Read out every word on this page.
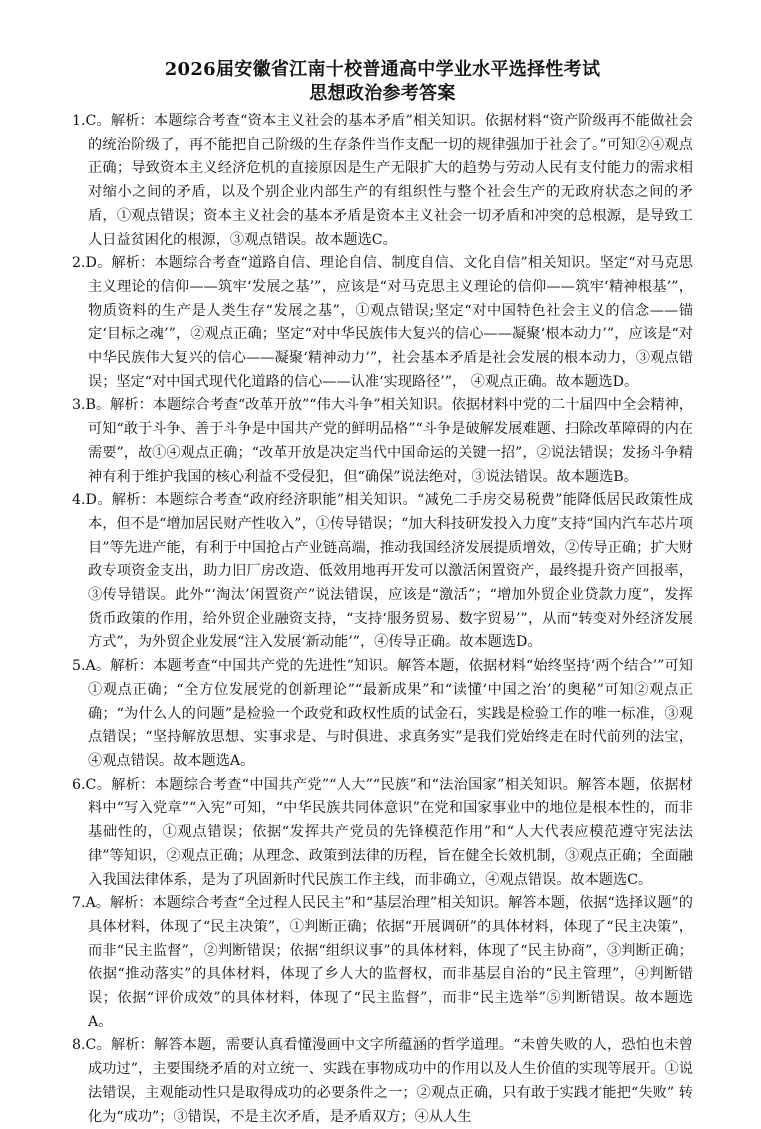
2026届安徽省江南十校普通高中学业水平选择性考试
思想政治参考答案

1.C。解析：本题综合考查“资本主义社会的基本矛盾”相关知识。依据材料“资产阶级再不能做社会的统治阶级了，再不能把自己阶级的生存条件当作支配一切的规律强加于社会了。”可知②④观点正确；导致资本主义经济危机的直接原因是生产无限扩大的趋势与劳动人民有支付能力的需求相对缩小之间的矛盾，以及个别企业内部生产的有组织性与整个社会生产的无政府状态之间的矛盾，①观点错误；资本主义社会的基本矛盾是资本主义社会一切矛盾和冲突的总根源，是导致工人日益贫困化的根源，③观点错误。故本题选C。

2.D。解析：本题综合考查“道路自信、理论自信、制度自信、文化自信”相关知识。坚定“对马克思主义理论的信仰——筑牢‘发展之基’”，应该是“对马克思主义理论的信仰——筑牢‘精神根基’”，物质资料的生产是人类生存“发展之基”，①观点错误;坚定“对中国特色社会主义的信念——锚定‘目标之魂’”，②观点正确；坚定“对中华民族伟大复兴的信心——凝聚‘根本动力’”，应该是“对中华民族伟大复兴的信心——凝聚‘精神动力’”，社会基本矛盾是社会发展的根本动力，③观点错误；坚定“对中国式现代化道路的信心——认准‘实现路径’”， ④观点正确。故本题选D。

3.B。解析：本题综合考查“改革开放”“伟大斗争”相关知识。依据材料中党的二十届四中全会精神，可知“敢于斗争、善于斗争是中国共产党的鲜明品格”“斗争是破解发展难题、扫除改革障碍的内在需要”，故①④观点正确；“改革开放是决定当代中国命运的关键一招”，②说法错误；发扬斗争精神有利于维护我国的核心利益不受侵犯，但“确保”说法绝对，③说法错误。故本题选B。

4.D。解析：本题综合考查“政府经济职能”相关知识。“减免二手房交易税费”能降低居民政策性成本，但不是“增加居民财产性收入”，①传导错误；“加大科技研发投入力度”支持“国内汽车芯片项目”等先进产能，有利于中国抢占产业链高端，推动我国经济发展提质增效，②传导正确；扩大财政专项资金支出，助力旧厂房改造、低效用地再开发可以激活闲置资产，最终提升资产回报率，③传导错误。此外“‘淘汰’闲置资产”说法错误，应该是“激活”；“增加外贸企业贷款力度”，发挥货币政策的作用，给外贸企业融资支持，“支持‘服务贸易、数字贸易’”，从而“转变对外经济发展方式”，为外贸企业发展“注入发展‘新动能’”，④传导正确。故本题选D。

5.A。解析：本题考查“中国共产党的先进性”知识。解答本题，依据材料“始终坚持‘两个结合’”可知①观点正确；“全方位发展党的创新理论”“最新成果”和“读懂‘中国之治’的奥秘”可知②观点正确；“为什么人的问题”是检验一个政党和政权性质的试金石，实践是检验工作的唯一标准，③观点错误；“坚持解放思想、实事求是、与时俱进、求真务实”是我们党始终走在时代前列的法宝，④观点错误。故本题选A。

6.C。解析：本题综合考查“中国共产党”“人大”“民族”和“法治国家”相关知识。解答本题，依据材料中“写入党章”“入宪”可知，“中华民族共同体意识”在党和国家事业中的地位是根本性的，而非基础性的，①观点错误；依据“发挥共产党员的先锋模范作用”和“人大代表应模范遵守宪法法律”等知识，②观点正确；从理念、政策到法律的历程，旨在健全长效机制，③观点正确；全面融入我国法律体系，是为了巩固新时代民族工作主线，而非确立，④观点错误。故本题选C。

7.A。解析：本题综合考查“全过程人民民主”和“基层治理”相关知识。解答本题，依据“选择议题”的具体材料，体现了“民主决策”，①判断正确；依据“开展调研”的具体材料，体现了“民主决策”，而非“民主监督”，②判断错误；依据“组织议事”的具体材料，体现了“民主协商”，③判断正确；依据“推动落实”的具体材料，体现了乡人大的监督权，而非基层自治的“民主管理”，④判断错误；依据“评价成效”的具体材料，体现了“民主监督”，而非“民主选举”⑤判断错误。故本题选A。

8.C。解析：解答本题，需要认真看懂漫画中文字所蕴涵的哲学道理。“未曾失败的人，恐怕也未曾成功过”，主要围绕矛盾的对立统一、实践在事物成功中的作用以及人生价值的实现等展开。①说法错误，主观能动性只是取得成功的必要条件之一；②观点正确，只有敢于实践才能把“失败” 转化为“成功”；③错误，不是主次矛盾，是矛盾双方；④从人生
